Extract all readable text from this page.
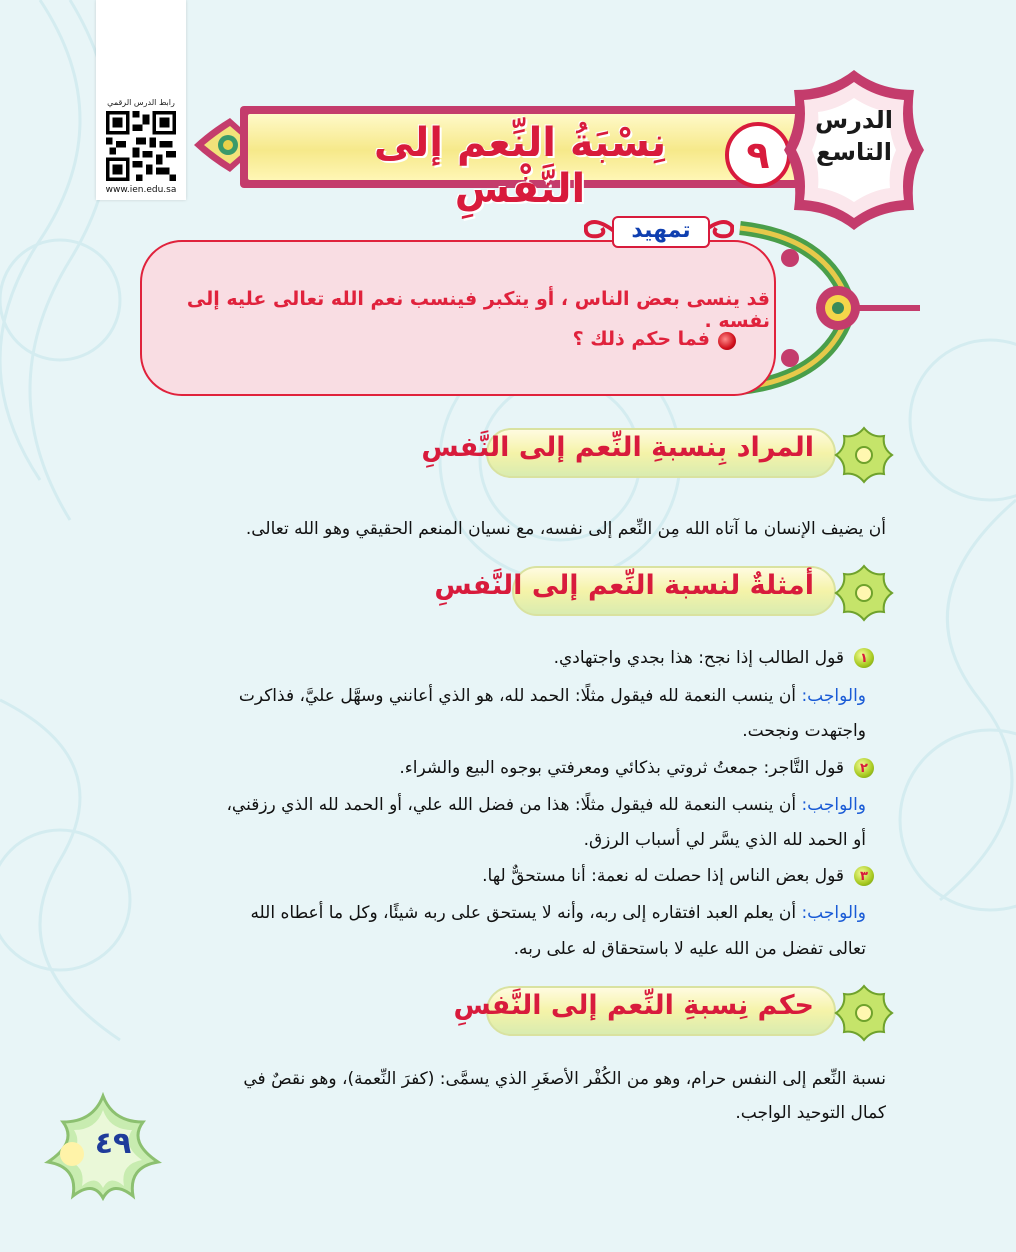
رابط الدرس الرقمي
www.ien.edu.sa
نِسْبَةُ النِّعم إلى النَّفْسِ
٩
الدرس
التاسع
تمهيد
قد ينسى بعض الناس ، أو يتكبر فينسب نعم الله تعالى عليه إلى نفسه .
فما حكم ذلك ؟
المراد بِنسبةِ النِّعم إلى النَّفسِ
أن يضيف الإنسان ما آتاه الله مِن النِّعم إلى نفسه، مع نسيان المنعم الحقيقي وهو الله تعالى.
أمثلةٌ لنسبة النِّعم إلى النَّفسِ
١
قول الطالب إذا نجح: هذا بجدي واجتهادي.
والواجب: أن ينسب النعمة لله فيقول مثلًا: الحمد لله، هو الذي أعانني وسهَّل عليَّ، فذاكرت
واجتهدت ونجحت.
٢
قول التَّاجر: جمعتُ ثروتي بذكائي ومعرفتي بوجوه البيع والشراء.
والواجب: أن ينسب النعمة لله فيقول مثلًا: هذا من فضل الله علي، أو الحمد لله الذي رزقني،
أو الحمد لله الذي يسَّر لي أسباب الرزق.
٣
قول بعض الناس إذا حصلت له نعمة: أنا مستحقٌّ لها.
والواجب: أن يعلم العبد افتقاره إلى ربه، وأنه لا يستحق على ربه شيئًا، وكل ما أعطاه الله
تعالى تفضل من الله عليه لا باستحقاق له على ربه.
حكم نِسبةِ النِّعم إلى النَّفسِ
نسبة النِّعم إلى النفس حرام، وهو من الكُفْر الأصغَرِ الذي يسمَّى: (كفرَ النِّعمة)، وهو نقصٌ في
كمال التوحيد الواجب.
٤٩
